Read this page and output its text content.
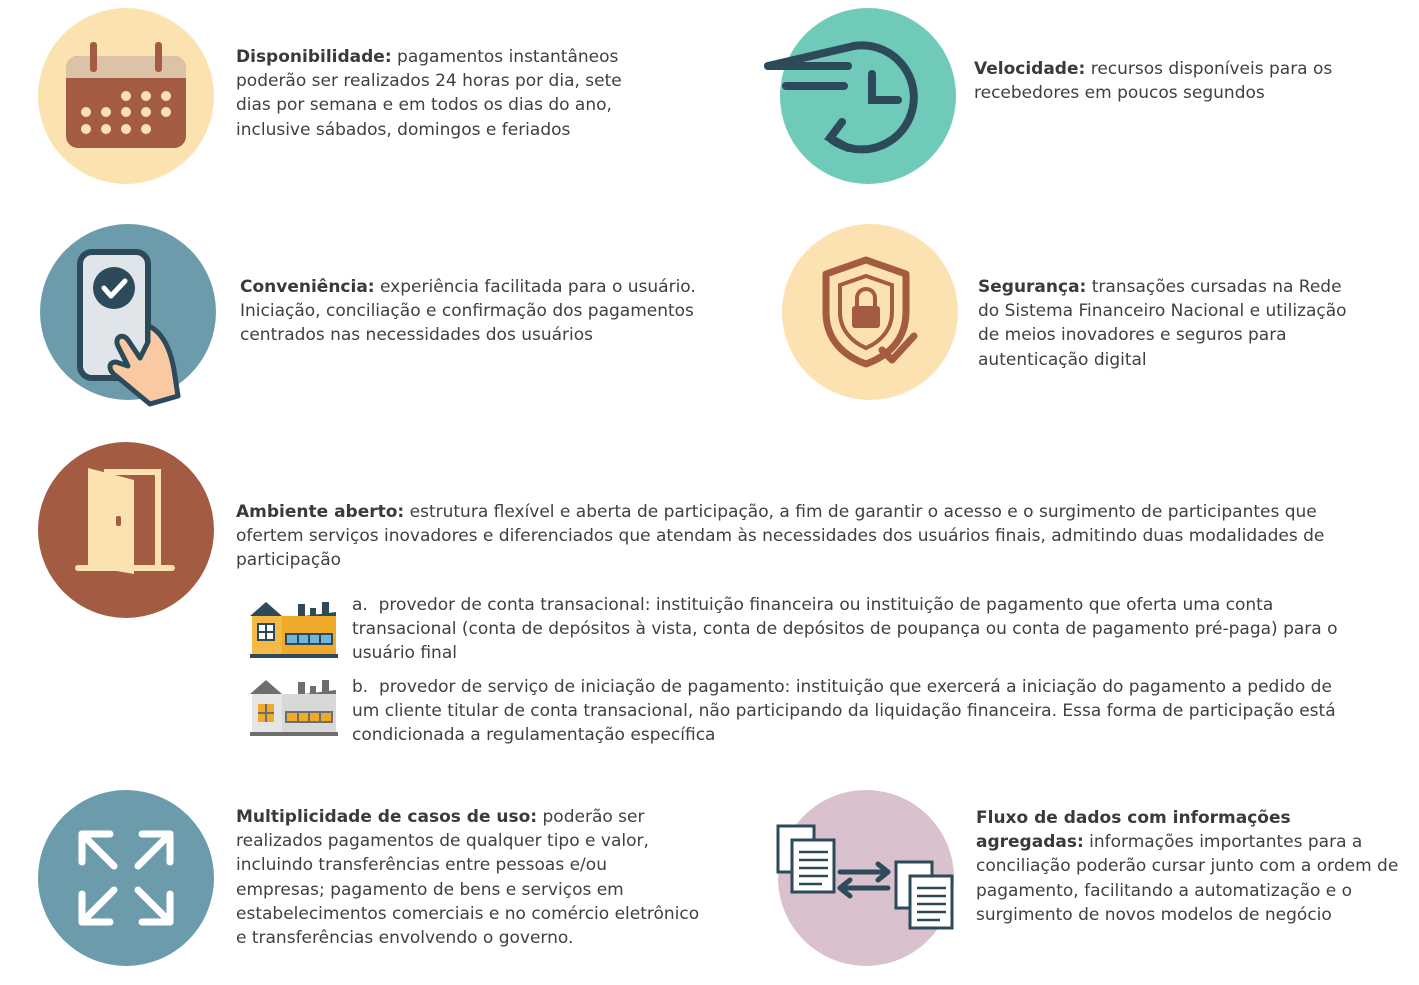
Disponibilidade: pagamentos instantâneos poderão ser realizados 24 horas por dia, sete dias por semana e em todos os dias do ano, inclusive sábados, domingos e feriados
Velocidade: recursos disponíveis para os recebedores em poucos segundos
Conveniência: experiência facilitada para o usuário. Iniciação, conciliação e confirmação dos pagamentos centrados nas necessidades dos usuários
Segurança: transações cursadas na Rede do Sistema Financeiro Nacional e utilização de meios inovadores e seguros para autenticação digital
Ambiente aberto: estrutura flexível e aberta de participação, a fim de garantir o acesso e o surgimento de participantes que ofertem serviços inovadores e diferenciados que atendam às necessidades dos usuários finais, admitindo duas modalidades de participação
a. provedor de conta transacional: instituição financeira ou instituição de pagamento que oferta uma conta transacional (conta de depósitos à vista, conta de depósitos de poupança ou conta de pagamento pré-paga) para o usuário final
b. provedor de serviço de iniciação de pagamento: instituição que exercerá a iniciação do pagamento a pedido de um cliente titular de conta transacional, não participando da liquidação financeira. Essa forma de participação está condicionada a regulamentação específica
Multiplicidade de casos de uso: poderão ser realizados pagamentos de qualquer tipo e valor, incluindo transferências entre pessoas e/ou empresas; pagamento de bens e serviços em estabelecimentos comerciais e no comércio eletrônico e transferências envolvendo o governo.
Fluxo de dados com informações agregadas: informações importantes para a conciliação poderão cursar junto com a ordem de pagamento, facilitando a automatização e o surgimento de novos modelos de negócio
